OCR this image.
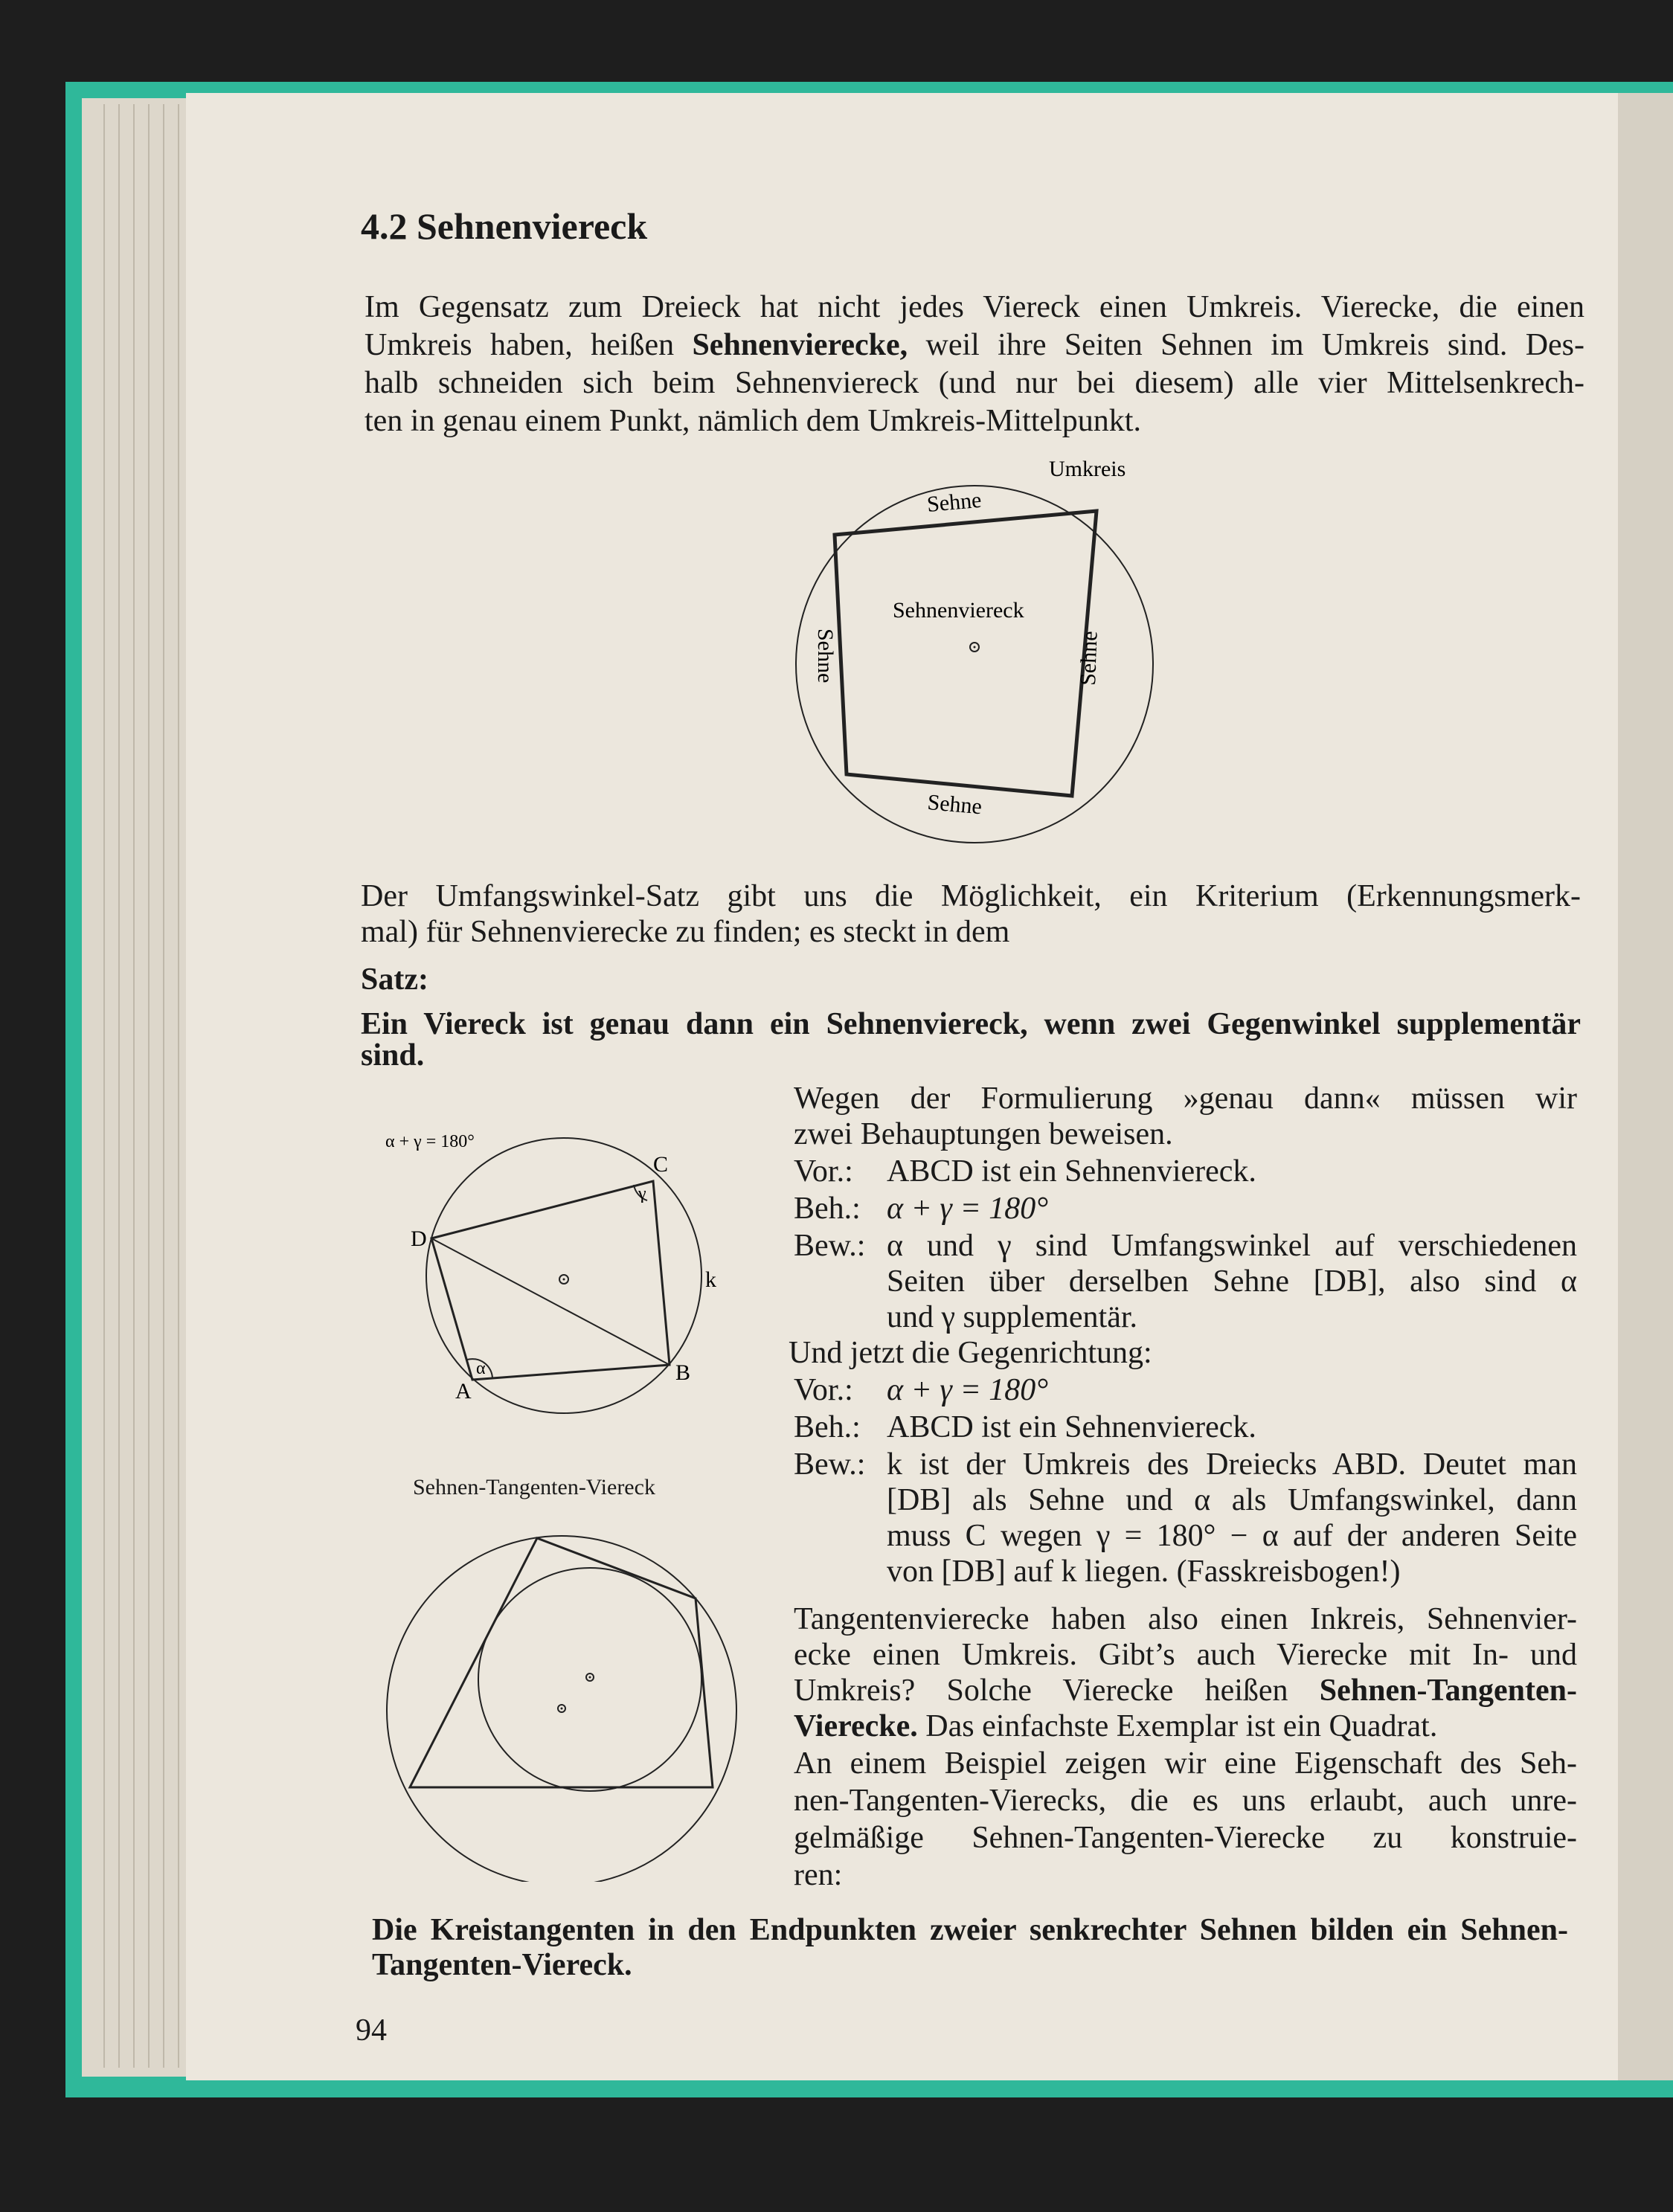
4.2 Sehnenviereck
Im Gegensatz zum Dreieck hat nicht jedes Viereck einen Umkreis. Vierecke, die einen
Umkreis haben, heißen Sehnenvierecke, weil ihre Seiten Sehnen im Umkreis sind. Des-
halb schneiden sich beim Sehnenviereck (und nur bei diesem) alle vier Mittelsenkrech-
ten in genau einem Punkt, nämlich dem Umkreis-Mittelpunkt.
Umkreis
Sehne
Sehnenviereck
Sehne	Sehne
Sehne
Der Umfangswinkel-Satz gibt uns die Möglichkeit, ein Kriterium (Erkennungsmerk-
mal) für Sehnenvierecke zu finden; es steckt in dem
Satz:
Ein Viereck ist genau dann ein Sehnenviereck, wenn zwei Gegenwinkel supplementär
sind.
α + γ = 180°
α
γ
A
B
C
D
k
Sehnen-Tangenten-Viereck
Wegen der Formulierung »genau dann« müssen wir
zwei Behauptungen beweisen.
Vor.: ABCD ist ein Sehnenviereck.
Beh.: α + γ = 180°
Bew.: α und γ sind Umfangswinkel auf verschiedenen
Seiten über derselben Sehne [DB], also sind α
und γ supplementär.
Und jetzt die Gegenrichtung:
Vor.: α + γ = 180°
Beh.: ABCD ist ein Sehnenviereck.
Bew.: k ist der Umkreis des Dreiecks ABD. Deutet man
[DB] als Sehne und α als Umfangswinkel, dann
muss C wegen γ = 180° − α auf der anderen Seite
von [DB] auf k liegen. (Fasskreisbogen!)
Tangentenvierecke haben also einen Inkreis, Sehnenvier-
ecke einen Umkreis. Gibt’s auch Vierecke mit In- und
Umkreis? Solche Vierecke heißen Sehnen-Tangenten-
Vierecke. Das einfachste Exemplar ist ein Quadrat.
An einem Beispiel zeigen wir eine Eigenschaft des Seh-
nen-Tangenten-Vierecks, die es uns erlaubt, auch unre-
gelmäßige Sehnen-Tangenten-Vierecke zu konstruie-
ren:
Die Kreistangenten in den Endpunkten zweier senkrechter Sehnen bilden ein Sehnen-
Tangenten-Viereck.
94
